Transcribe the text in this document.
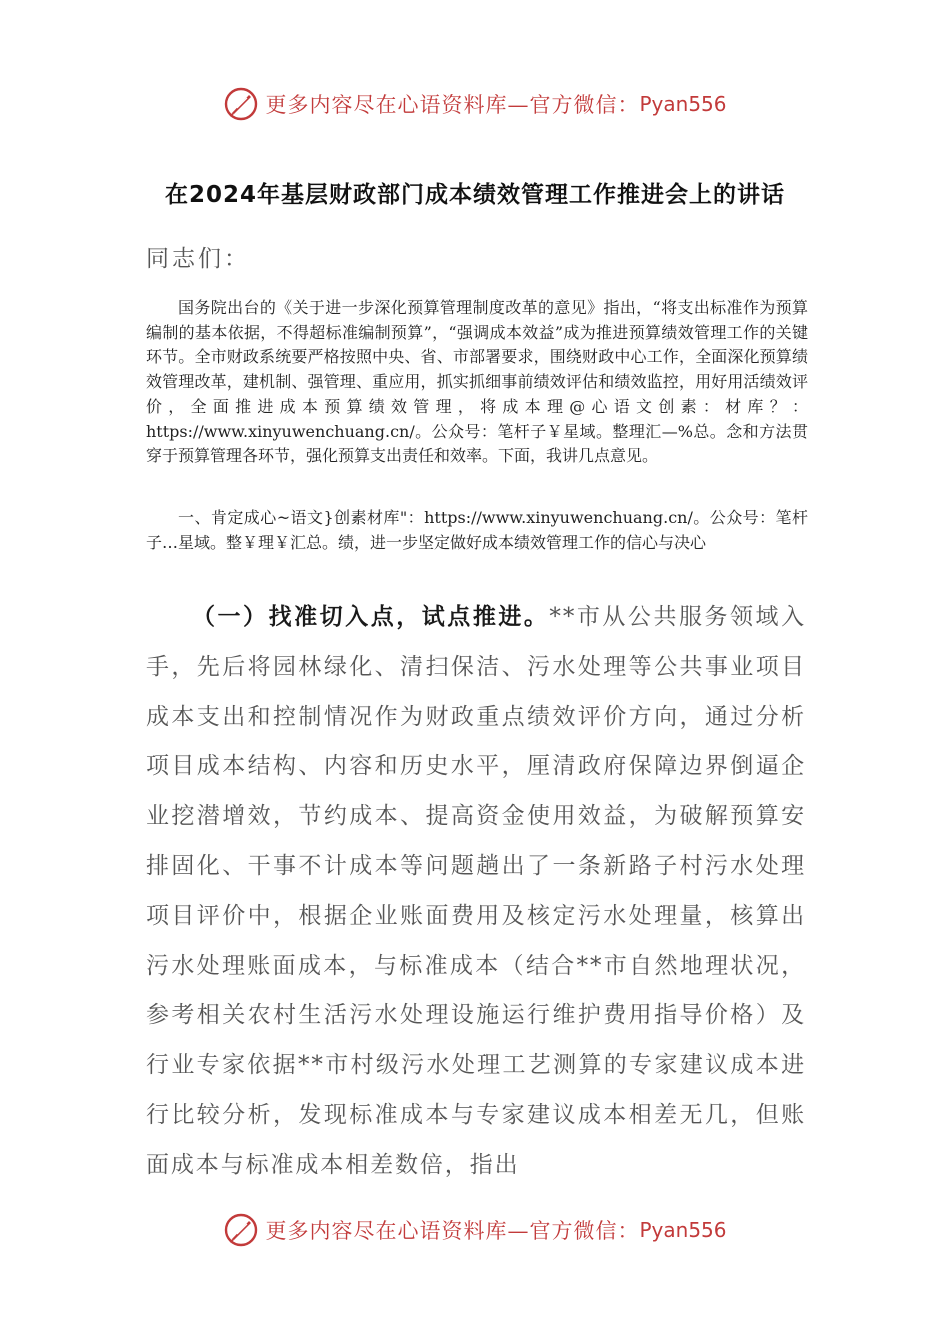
更多内容尽在心语资料库—官方微信： Pyan556
在2024年基层财政部门成本绩效管理工作推进会上的讲话
同志们：

国务院出台的《关于进一步深化预算管理制度改革的意见》指出，“将支出标准作为预算编制的基本依据，不得超标准编制预算”，“强调成本效益”成为推进预算绩效管理工作的关键环节。全市财政系统要严格按照中央、省、市部署要求，围绕财政中心工作，全面深化预算绩效管理改革，建机制、强管理、重应用，抓实抓细事前绩效评估和绩效监控，用好用活绩效评价，全面推进成本预算绩效管理，将成本理@心语文创素：材库？：https://www.xinyuwenchuang.cn/。公众号：笔杆子￥星域。整理汇—%总。念和方法贯穿于预算管理各环节，强化预算支出责任和效率。下面，我讲几点意见。

一、肯定成心~语文}创素材库"：https://www.xinyuwenchuang.cn/。公众号：笔杆子…星域。整￥理￥汇总。绩，进一步坚定做好成本绩效管理工作的信心与决心

（一）找准切入点，试点推进。**市从公共服务领域入手，先后将园林绿化、清扫保洁、污水处理等公共事业项目成本支出和控制情况作为财政重点绩效评价方向，通过分析项目成本结构、内容和历史水平，厘清政府保障边界倒逼企业挖潜增效，节约成本、提高资金使用效益，为破解预算安排固化、干事不计成本等问题趟出了一条新路子村污水处理项目评价中，根据企业账面费用及核定污水处理量，核算出污水处理账面成本，与标准成本（结合**市自然地理状况，参考相关农村生活污水处理设施运行维护费用指导价格）及行业专家依据**市村级污水处理工艺测算的专家建议成本进行比较分析，发现标准成本与专家建议成本相差无几，但账面成本与标准成本相差数倍，指出

更多内容尽在心语资料库—官方微信： Pyan556
